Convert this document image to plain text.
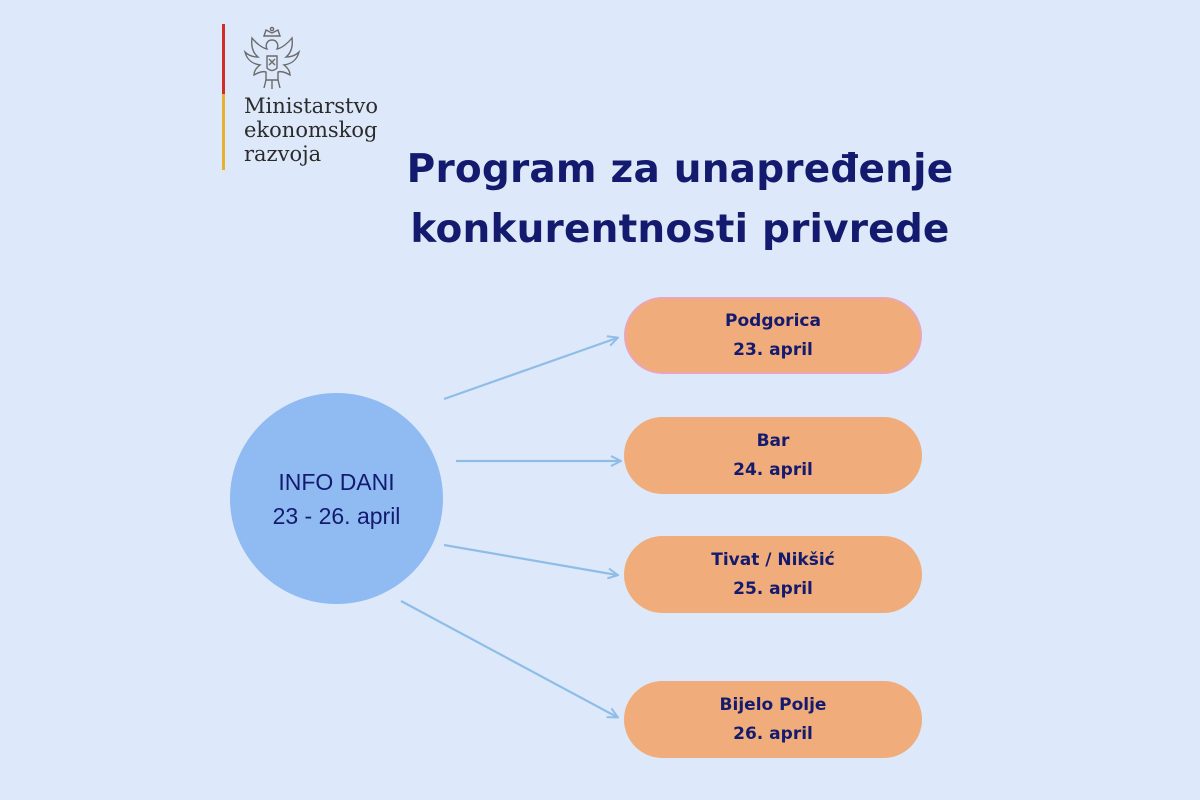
Ministarstvo
ekonomskog
razvoja	Program za unapređenje
konkurentnosti privrede
INFO DANI
23 - 26. april
Podgorica
23. april
Bar
24. april
Tivat / Nikšić
25. april
Bijelo Polje
26. april
